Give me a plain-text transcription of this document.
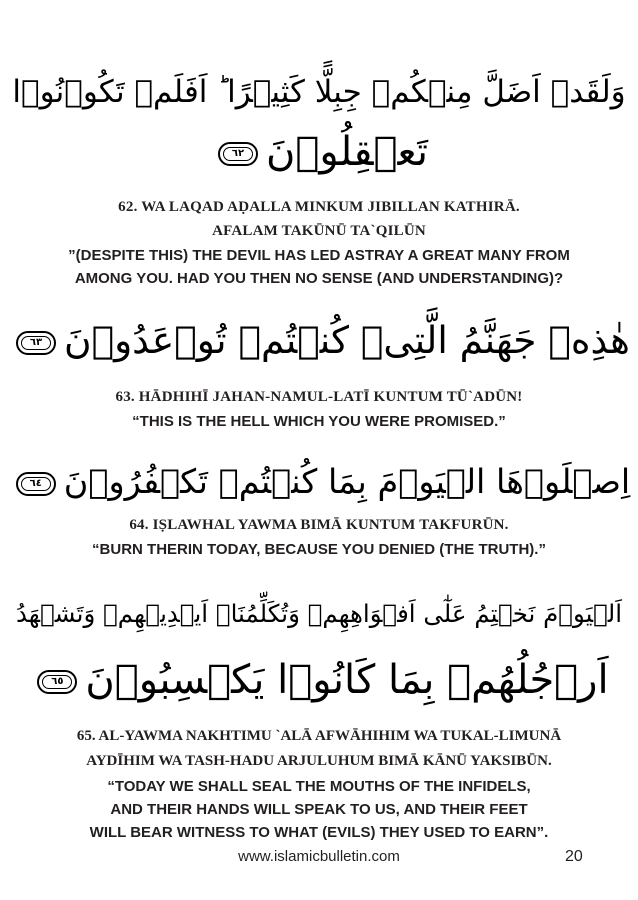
وَلَقَدۡ اَضَلَّ مِنۡكُمۡ جِبِلًّا كَثِيۡرًا ؕ اَفَلَمۡ تَكُوۡنُوۡا
تَعۡقِلُوۡنَ
٦٢
62. WA LAQAD AḌALLA MINKUM JIBILLAN KATHIRĀ.
AFALAM TAKŪNŪ TA`QILŪN
”(DESPITE THIS) THE DEVIL HAS LED ASTRAY A GREAT MANY FROM
AMONG YOU. HAD YOU THEN NO SENSE (AND UNDERSTANDING)?
هٰذِهٖ جَهَنَّمُ الَّتِىۡ كُنۡتُمۡ تُوۡعَدُوۡنَ
٦٣
63. HĀDHIHĪ JAHAN-NAMUL-LATĪ KUNTUM TŪ`ADŪN!
“THIS IS THE HELL WHICH YOU WERE PROMISED.”
اِصۡلَوۡهَا الۡيَوۡمَ بِمَا كُنۡتُمۡ تَكۡفُرُوۡنَ
٦٤
64. IṢLAWHAL YAWMA BIMĀ KUNTUM TAKFURŪN.
“BURN THERIN TODAY, BECAUSE YOU DENIED (THE TRUTH).”
اَلۡيَوۡمَ نَخۡتِمُ عَلٰٓى اَفۡوَاهِهِمۡ وَتُكَلِّمُنَاۤ اَيۡدِيۡهِمۡ وَتَشۡهَدُ
اَرۡجُلُهُمۡ بِمَا كَانُوۡا يَكۡسِبُوۡنَ
٦٥
65. AL-YAWMA NAKHTIMU `ALĀ AFWĀHIHIM WA TUKAL-LIMUNĀ
AYDĪHIM WA TASH-HADU ARJULUHUM BIMĀ KĀNŪ YAKSIBŪN.
“TODAY WE SHALL SEAL THE MOUTHS OF THE INFIDELS,
AND THEIR HANDS WILL SPEAK TO US, AND THEIR FEET
WILL BEAR WITNESS TO WHAT (EVILS) THEY USED TO EARN”.
www.islamicbulletin.com	20
